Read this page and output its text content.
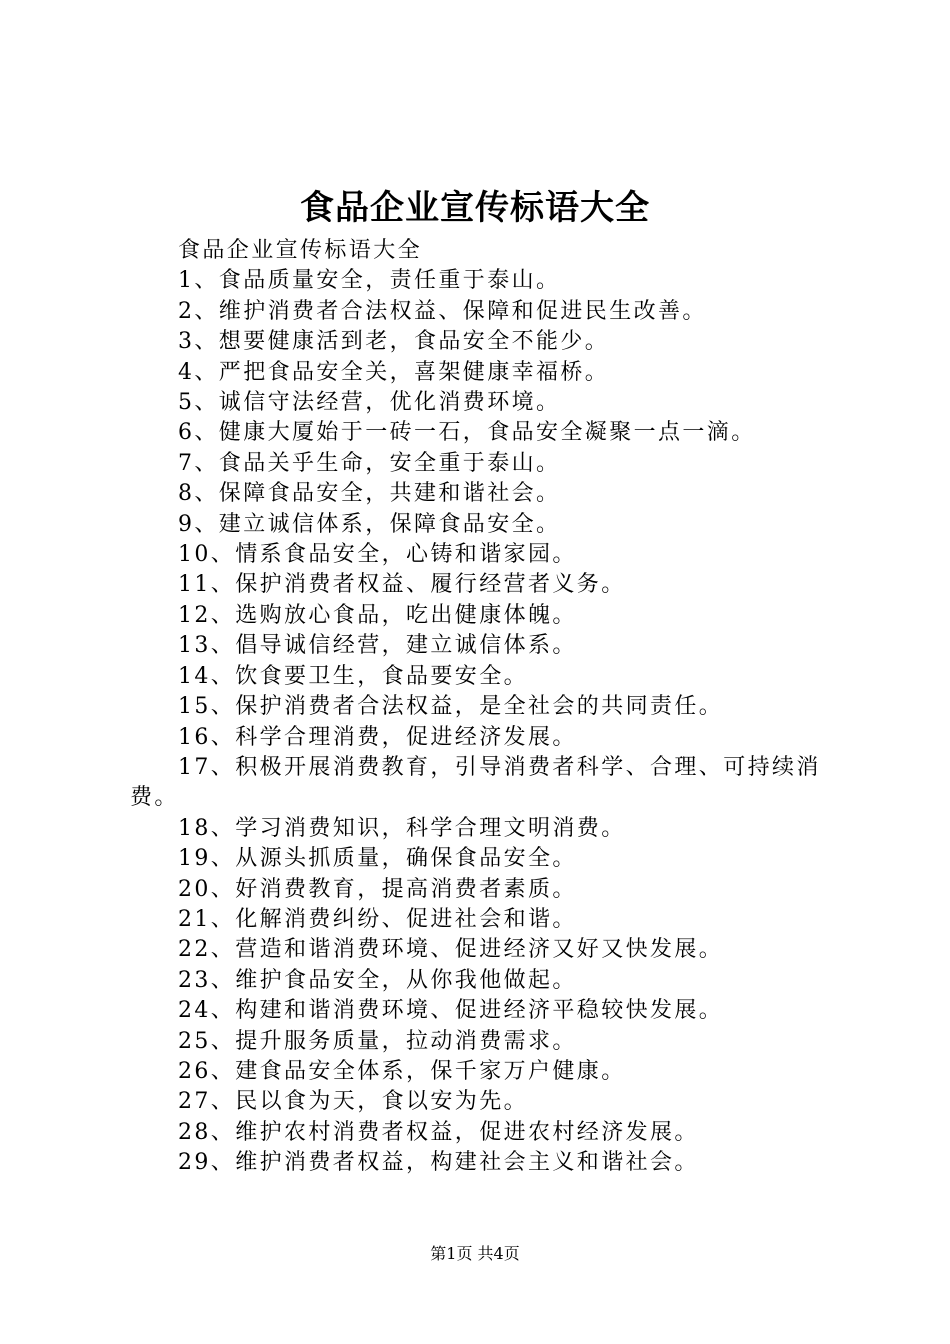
食品企业宣传标语大全

食品企业宣传标语大全

1、食品质量安全，责任重于泰山。

2、维护消费者合法权益、保障和促进民生改善。

3、想要健康活到老，食品安全不能少。

4、严把食品安全关，喜架健康幸福桥。

5、诚信守法经营，优化消费环境。

6、健康大厦始于一砖一石，食品安全凝聚一点一滴。

7、食品关乎生命，安全重于泰山。

8、保障食品安全，共建和谐社会。

9、建立诚信体系，保障食品安全。

10、情系食品安全，心铸和谐家园。

11、保护消费者权益、履行经营者义务。

12、选购放心食品，吃出健康体魄。

13、倡导诚信经营，建立诚信体系。

14、饮食要卫生，食品要安全。

15、保护消费者合法权益，是全社会的共同责任。

16、科学合理消费，促进经济发展。

17、积极开展消费教育，引导消费者科学、合理、可持续消费。

18、学习消费知识，科学合理文明消费。

19、从源头抓质量，确保食品安全。

20、好消费教育，提高消费者素质。

21、化解消费纠纷、促进社会和谐。

22、营造和谐消费环境、促进经济又好又快发展。

23、维护食品安全，从你我他做起。

24、构建和谐消费环境、促进经济平稳较快发展。

25、提升服务质量，拉动消费需求。

26、建食品安全体系，保千家万户健康。

27、民以食为天，食以安为先。

28、维护农村消费者权益，促进农村经济发展。

29、维护消费者权益，构建社会主义和谐社会。

第1页 共4页
